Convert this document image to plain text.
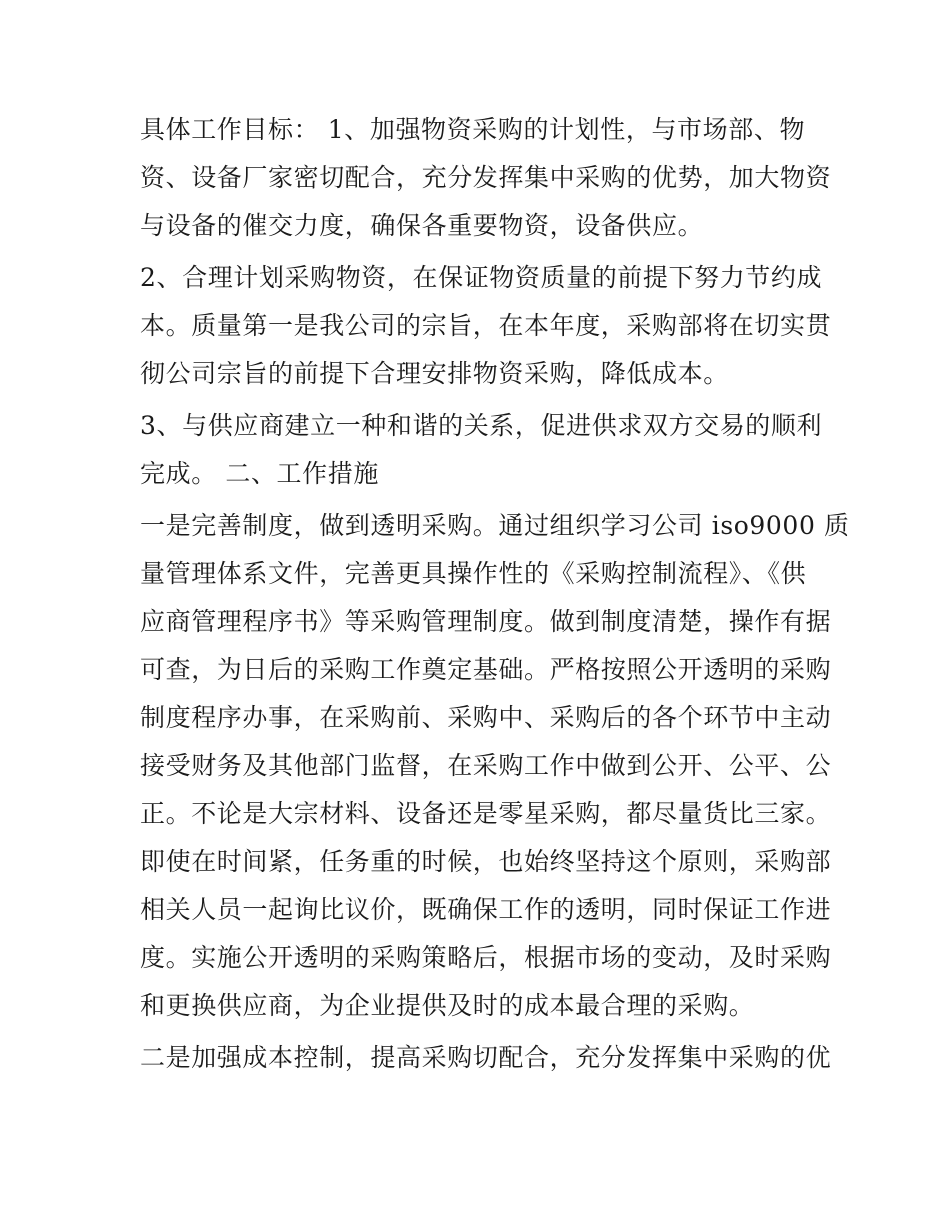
具体工作目标： 1、加强物资采购的计划性，与市场部、物
资、设备厂家密切配合，充分发挥集中采购的优势，加大物资
与设备的催交力度，确保各重要物资，设备供应。
2、合理计划采购物资，在保证物资质量的前提下努力节约成
本。质量第一是我公司的宗旨，在本年度，采购部将在切实贯
彻公司宗旨的前提下合理安排物资采购，降低成本。
3、与供应商建立一种和谐的关系，促进供求双方交易的顺利
完成。 二、工作措施
一是完善制度，做到透明采购。通过组织学习公司 iso9000 质
量管理体系文件，完善更具操作性的《采购控制流程》、《供
应商管理程序书》等采购管理制度。做到制度清楚，操作有据
可查，为日后的采购工作奠定基础。严格按照公开透明的采购
制度程序办事，在采购前、采购中、采购后的各个环节中主动
接受财务及其他部门监督，在采购工作中做到公开、公平、公
正。不论是大宗材料、设备还是零星采购，都尽量货比三家。
即使在时间紧，任务重的时候，也始终坚持这个原则，采购部
相关人员一起询比议价，既确保工作的透明，同时保证工作进
度。实施公开透明的采购策略后，根据市场的变动，及时采购
和更换供应商，为企业提供及时的成本最合理的采购。
二是加强成本控制，提高采购切配合，充分发挥集中采购的优
